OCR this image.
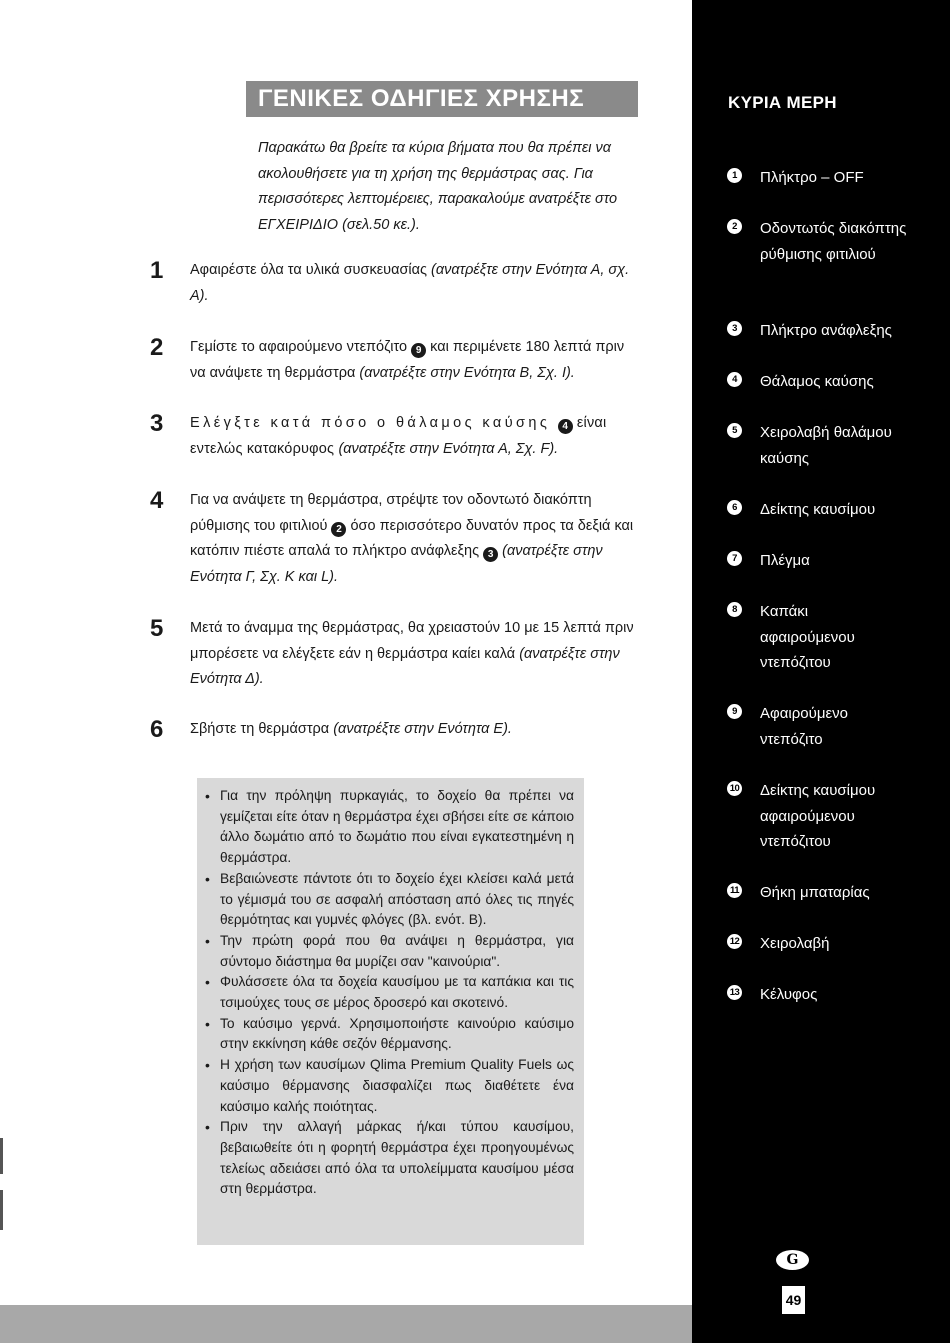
ΓΕΝΙΚΕΣ ΟΔΗΓΙΕΣ ΧΡΗΣΗΣ
Παρακάτω θα βρείτε τα κύρια βήματα που θα πρέπει να ακολουθήσετε για τη χρήση της θερμάστρας σας. Για περισσότερες λεπτομέρειες, παρακαλούμε ανατρέξτε στο ΕΓΧΕΙΡΙΔΙΟ (σελ.50 κε.).
1 Αφαιρέστε όλα τα υλικά συσκευασίας (ανατρέξτε στην Ενότητα Α, σχ. Α).
2 Γεμίστε το αφαιρούμενο ντεπόζιτο 9 και περιμένετε 180 λεπτά πριν να ανάψετε τη θερμάστρα (ανατρέξτε στην Ενότητα Β, Σχ. I).
3 Ελέγξτε κατά πόσο ο θάλαμος καύσης 4 είναι εντελώς κατακόρυφος (ανατρέξτε στην Ενότητα Α, Σχ. F).
4 Για να ανάψετε τη θερμάστρα, στρέψτε τον οδοντωτό διακόπτη ρύθμισης του φιτιλιού 2 όσο περισσότερο δυνατόν προς τα δεξιά και κατόπιν πιέστε απαλά το πλήκτρο ανάφλεξης 3 (ανατρέξτε στην Ενότητα Γ, Σχ. K και L).
5 Μετά το άναμμα της θερμάστρας, θα χρειαστούν 10 με 15 λεπτά πριν μπορέσετε να ελέγξετε εάν η θερμάστρα καίει καλά (ανατρέξτε στην Ενότητα Δ).
6 Σβήστε τη θερμάστρα (ανατρέξτε στην Ενότητα Ε).
• Για την πρόληψη πυρκαγιάς, το δοχείο θα πρέπει να γεμίζεται είτε όταν η θερμάστρα έχει σβήσει είτε σε κάποιο άλλο δωμάτιο από το δωμάτιο που είναι εγκατεστημένη η θερμάστρα.
• Βεβαιώνεστε πάντοτε ότι το δοχείο έχει κλείσει καλά μετά το γέμισμά του σε ασφαλή απόσταση από όλες τις πηγές θερμότητας και γυμνές φλόγες (βλ. ενότ. B).
• Την πρώτη φορά που θα ανάψει η θερμάστρα, για σύντομο διάστημα θα μυρίζει σαν "καινούρια".
• Φυλάσσετε όλα τα δοχεία καυσίμου με τα καπάκια και τις τσιμούχες τους σε μέρος δροσερό και σκοτεινό.
• Το καύσιμο γερνά. Χρησιμοποιήστε καινούριο καύσιμο στην εκκίνηση κάθε σεζόν θέρμανσης.
• Η χρήση των καυσίμων Qlima Premium Quality Fuels ως καύσιμο θέρμανσης διασφαλίζει πως διαθέτετε ένα καύσιμο καλής ποιότητας.
• Πριν την αλλαγή μάρκας ή/και τύπου καυσίμου, βεβαιωθείτε ότι η φορητή θερμάστρα έχει προηγουμένως τελείως αδειάσει από όλα τα υπολείμματα καυσίμου μέσα στη θερμάστρα.
ΚΥΡΙΑ ΜΕΡΗ
1	Πλήκτρο – OFF
2	Οδοντωτός διακόπτης ρύθμισης φιτιλιού
3	Πλήκτρο ανάφλεξης
4	Θάλαμος καύσης
5	Χειρολαβή θαλάμου καύσης
6	Δείκτης καυσίμου
7	Πλέγμα
8	Καπάκι αφαιρούμενου ντεπόζιτου
9	Αφαιρούμενο ντεπόζιτο
10 Δείκτης καυσίμου αφαιρούμενου ντεπόζιτου
11 Θήκη μπαταρίας
12 Χειρολαβή
13 Κέλυφος
G
49
